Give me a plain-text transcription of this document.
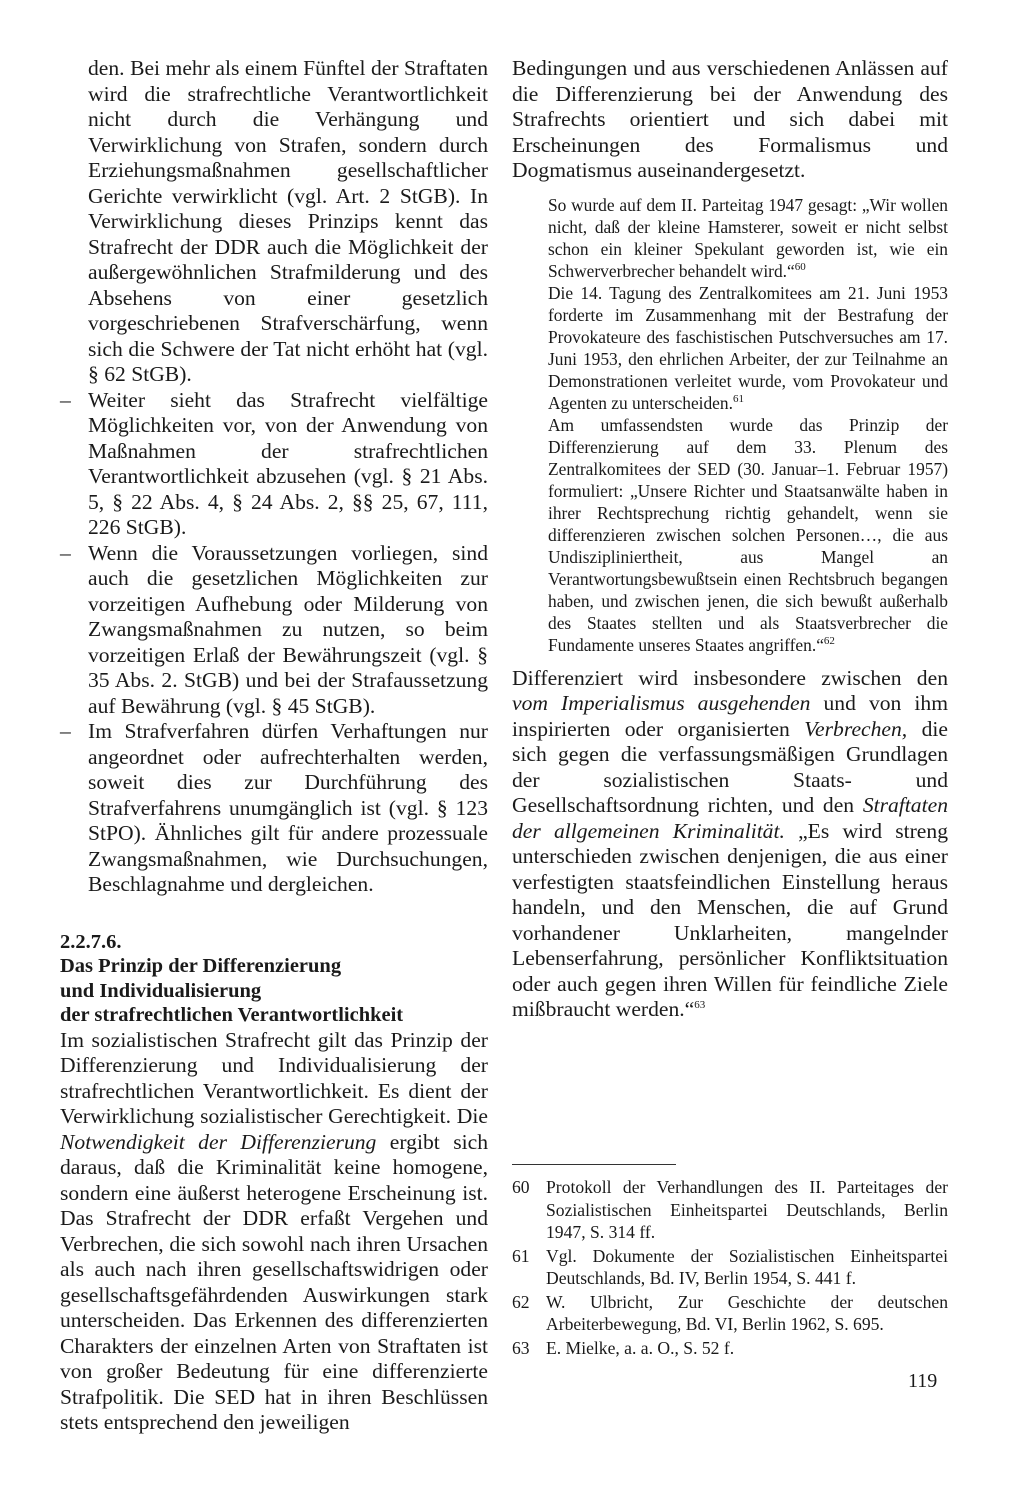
den. Bei mehr als einem Fünftel der Straftaten wird die strafrechtliche Verantwortlichkeit nicht durch die Verhängung und Verwirklichung von Strafen, sondern durch Erziehungsmaßnahmen gesellschaftlicher Gerichte verwirklicht (vgl. Art. 2 StGB). In Verwirklichung dieses Prinzips kennt das Strafrecht der DDR auch die Möglichkeit der außergewöhnlichen Strafmilderung und des Absehens von einer gesetzlich vorgeschriebenen Strafverschärfung, wenn sich die Schwere der Tat nicht erhöht hat (vgl. § 62 StGB).

– Weiter sieht das Strafrecht vielfältige Möglichkeiten vor, von der Anwendung von Maßnahmen der strafrechtlichen Verantwortlichkeit abzusehen (vgl. § 21 Abs. 5, § 22 Abs. 4, § 24 Abs. 2, §§ 25, 67, 111, 226 StGB).
– Wenn die Voraussetzungen vorliegen, sind auch die gesetzlichen Möglichkeiten zur vorzeitigen Aufhebung oder Milderung von Zwangsmaßnahmen zu nutzen, so beim vorzeitigen Erlaß der Bewährungszeit (vgl. § 35 Abs. 2. StGB) und bei der Strafaussetzung auf Bewährung (vgl. § 45 StGB).
– Im Strafverfahren dürfen Verhaftungen nur angeordnet oder aufrechterhalten werden, soweit dies zur Durchführung des Strafverfahrens unumgänglich ist (vgl. § 123 StPO). Ähnliches gilt für andere prozessuale Zwangsmaßnahmen, wie Durchsuchungen, Beschlagnahme und dergleichen.
2.2.7.6.
Das Prinzip der Differenzierung
und Individualisierung
der strafrechtlichen Verantwortlichkeit

Im sozialistischen Strafrecht gilt das Prinzip der Differenzierung und Individualisierung der strafrechtlichen Verantwortlichkeit. Es dient der Verwirklichung sozialistischer Gerechtigkeit. Die Notwendigkeit der Differenzierung ergibt sich daraus, daß die Kriminalität keine homogene, sondern eine äußerst heterogene Erscheinung ist. Das Strafrecht der DDR erfaßt Vergehen und Verbrechen, die sich sowohl nach ihren Ursachen als auch nach ihren gesellschaftswidrigen oder gesellschaftsgefährdenden Auswirkungen stark unterscheiden. Das Erkennen des differenzierten Charakters der einzelnen Arten von Straftaten ist von großer Bedeutung für eine differenzierte Strafpolitik. Die SED hat in ihren Beschlüssen stets entsprechend den jeweiligen

Bedingungen und aus verschiedenen Anlässen auf die Differenzierung bei der Anwendung des Strafrechts orientiert und sich dabei mit Erscheinungen des Formalismus und Dogmatismus auseinandergesetzt.

So wurde auf dem II. Parteitag 1947 gesagt: „Wir wollen nicht, daß der kleine Hamsterer, soweit er nicht selbst schon ein kleiner Spekulant geworden ist, wie ein Schwerverbrecher behandelt wird.“$^{60}$

Die 14. Tagung des Zentralkomitees am 21. Juni 1953 forderte im Zusammenhang mit der Bestrafung der Provokateure des faschistischen Putschversuches am 17. Juni 1953, den ehrlichen Arbeiter, der zur Teilnahme an Demonstrationen verleitet wurde, vom Provokateur und Agenten zu unterscheiden.$^{61}$

Am umfassendsten wurde das Prinzip der Differenzierung auf dem 33. Plenum des Zentralkomitees der SED (30. Januar–1. Februar 1957) formuliert: „Unsere Richter und Staatsanwälte haben in ihrer Rechtsprechung richtig gehandelt, wenn sie differenzieren zwischen solchen Personen…, die aus Undiszipliniertheit, aus Mangel an Verantwortungsbewußtsein einen Rechtsbruch begangen haben, und zwischen jenen, die sich bewußt außerhalb des Staates stellten und als Staatsverbrecher die Fundamente unseres Staates angriffen.“$^{62}$

Differenziert wird insbesondere zwischen den vom Imperialismus ausgehenden und von ihm inspirierten oder organisierten Verbrechen, die sich gegen die verfassungsmäßigen Grundlagen der sozialistischen Staats- und Gesellschaftsordnung richten, und den Straftaten der allgemeinen Kriminalität. „Es wird streng unterschieden zwischen denjenigen, die aus einer verfestigten staatsfeindlichen Einstellung heraus handeln, und den Menschen, die auf Grund vorhandener Unklarheiten, mangelnder Lebenserfahrung, persönlicher Konfliktsituation oder auch gegen ihren Willen für feindliche Ziele mißbraucht werden.“$^{63}$

60 Protokoll der Verhandlungen des II. Parteitages der Sozialistischen Einheitspartei Deutschlands, Berlin 1947, S. 314 ff.
61 Vgl. Dokumente der Sozialistischen Einheitspartei Deutschlands, Bd. IV, Berlin 1954, S. 441 f.
62 W. Ulbricht, Zur Geschichte der deutschen Arbeiterbewegung, Bd. VI, Berlin 1962, S. 695.
63 E. Mielke, a. a. O., S. 52 f.
119
